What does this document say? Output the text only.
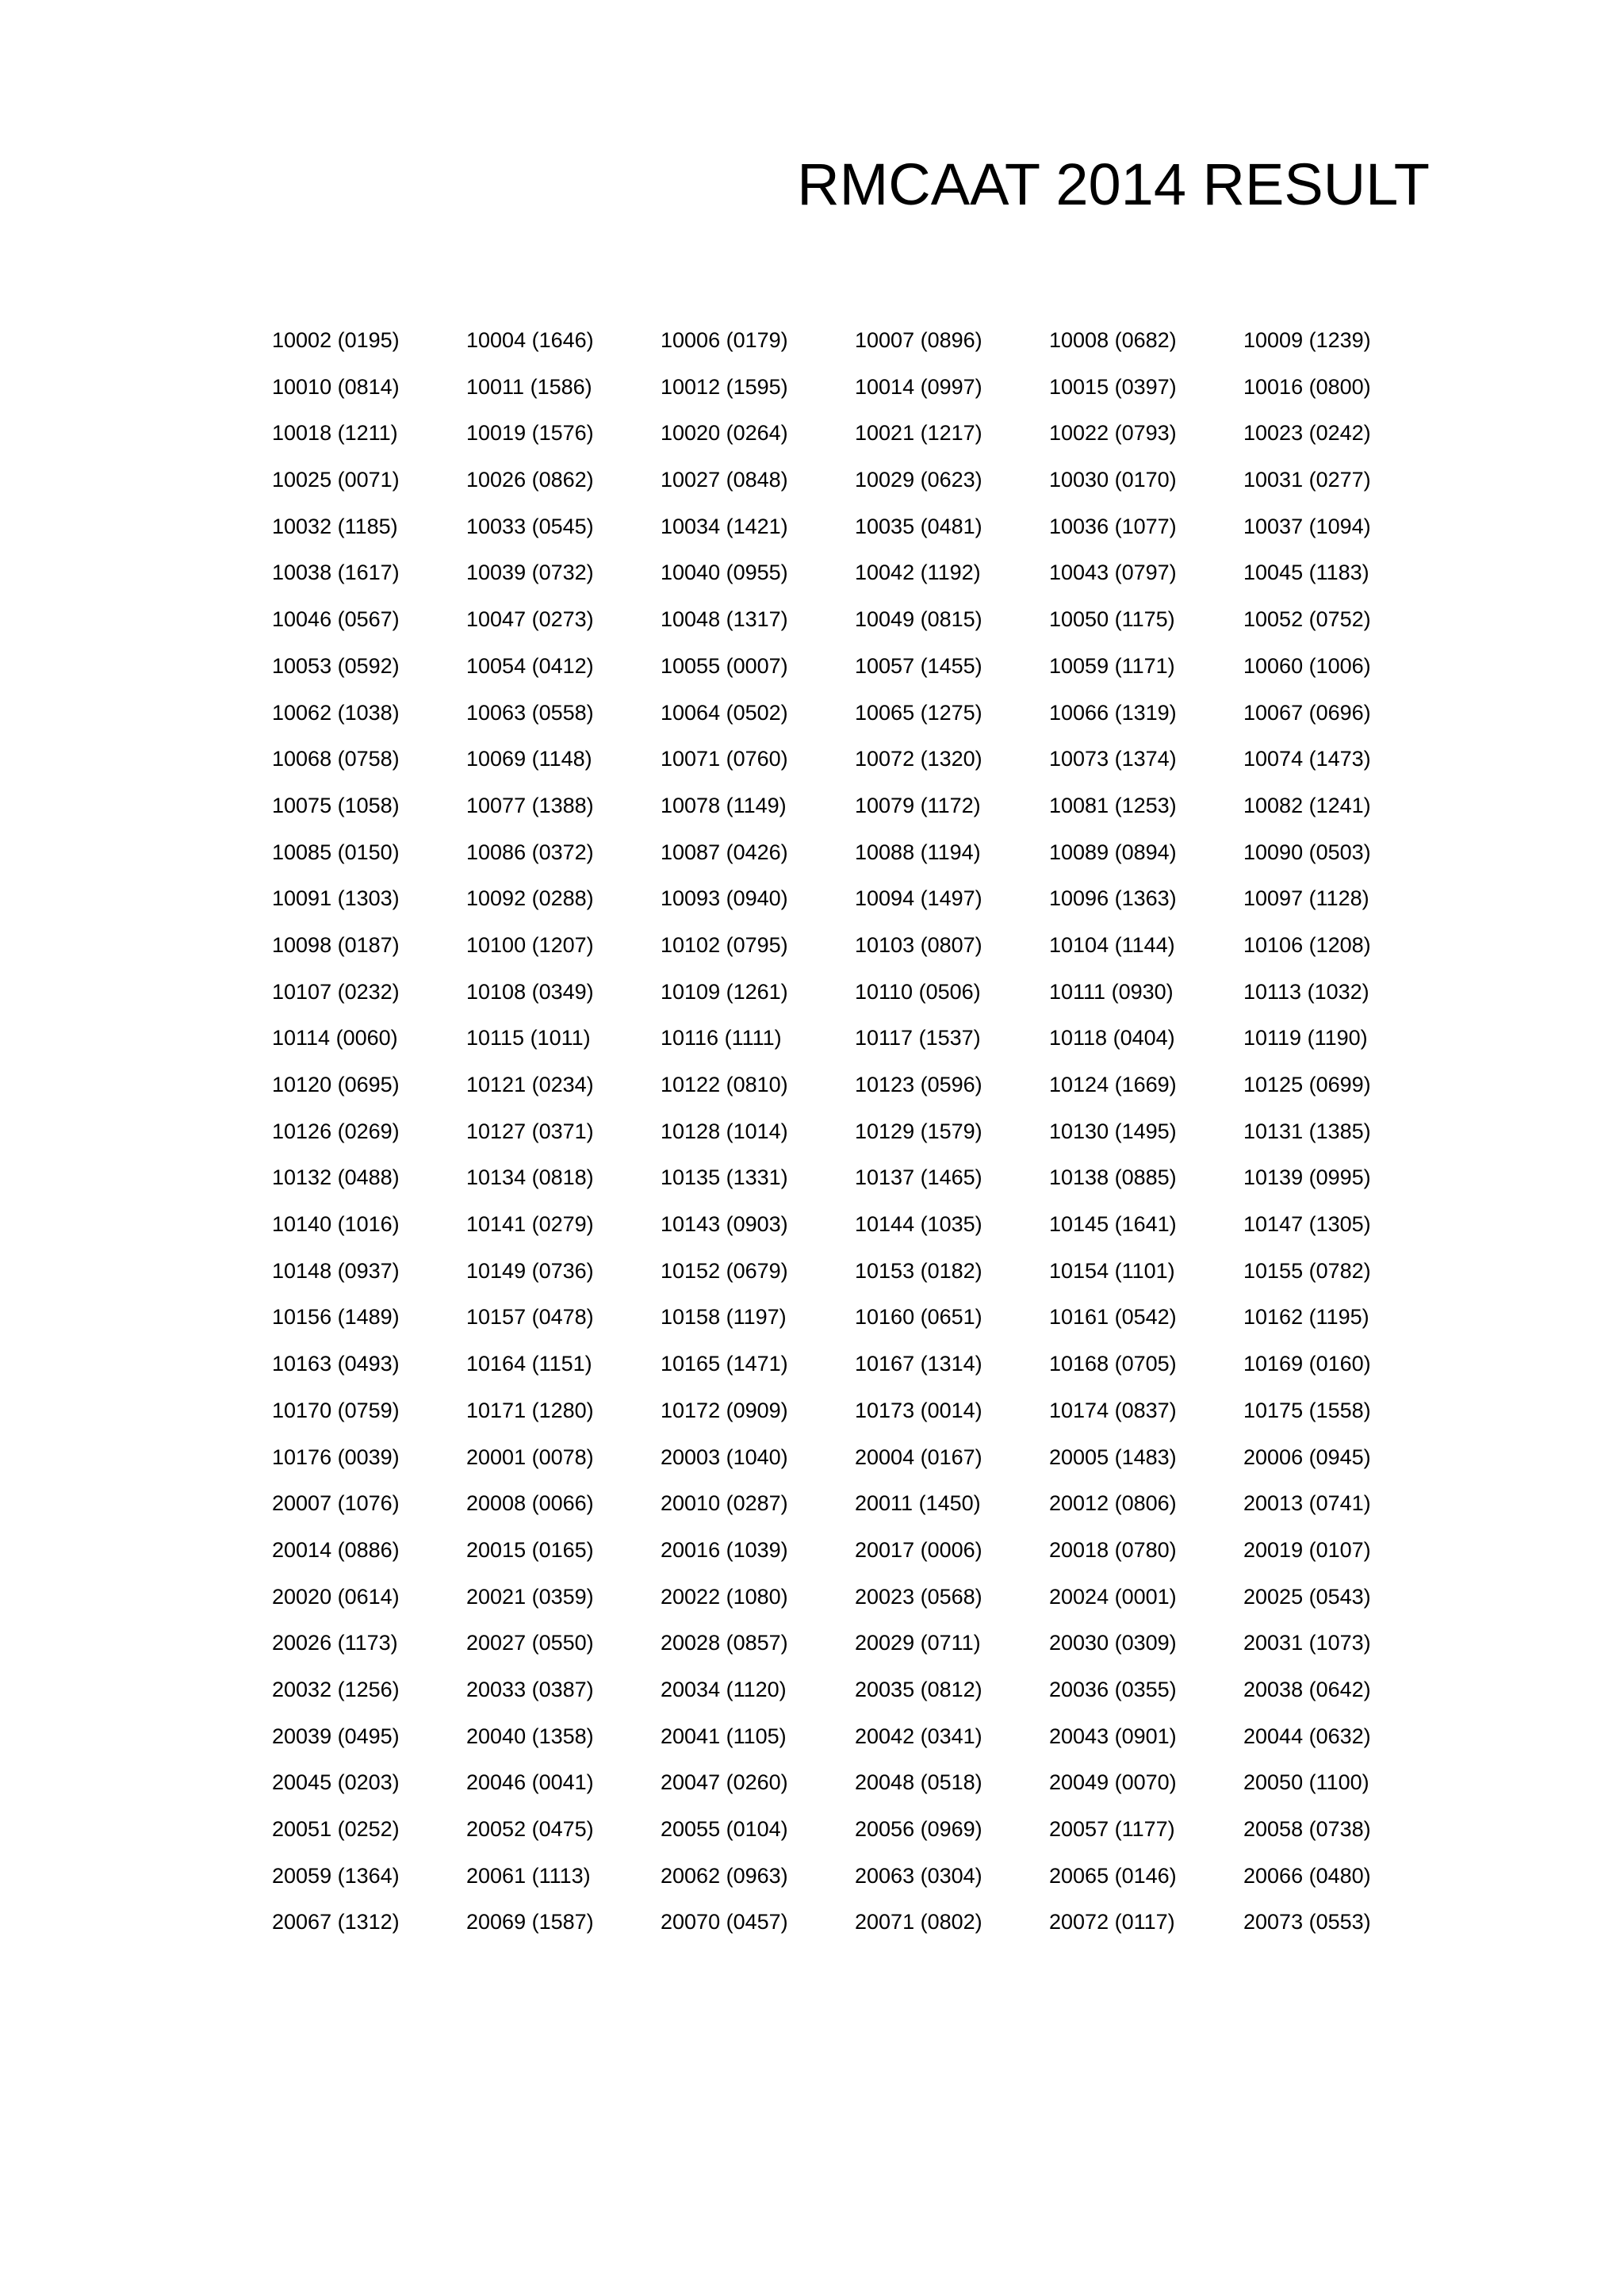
RMCAAT 2014 RESULT
10002 (0195)	10004 (1646)	10006 (0179)	10007 (0896)	10008 (0682)	10009 (1239)
10010 (0814)	10011 (1586)	10012 (1595)	10014 (0997)	10015 (0397)	10016 (0800)
10018 (1211)	10019 (1576)	10020 (0264)	10021 (1217)	10022 (0793)	10023 (0242)
10025 (0071)	10026 (0862)	10027 (0848)	10029 (0623)	10030 (0170)	10031 (0277)
10032 (1185)	10033 (0545)	10034 (1421)	10035 (0481)	10036 (1077)	10037 (1094)
10038 (1617)	10039 (0732)	10040 (0955)	10042 (1192)	10043 (0797)	10045 (1183)
10046 (0567)	10047 (0273)	10048 (1317)	10049 (0815)	10050 (1175)	10052 (0752)
10053 (0592)	10054 (0412)	10055 (0007)	10057 (1455)	10059 (1171)	10060 (1006)
10062 (1038)	10063 (0558)	10064 (0502)	10065 (1275)	10066 (1319)	10067 (0696)
10068 (0758)	10069 (1148)	10071 (0760)	10072 (1320)	10073 (1374)	10074 (1473)
10075 (1058)	10077 (1388)	10078 (1149)	10079 (1172)	10081 (1253)	10082 (1241)
10085 (0150)	10086 (0372)	10087 (0426)	10088 (1194)	10089 (0894)	10090 (0503)
10091 (1303)	10092 (0288)	10093 (0940)	10094 (1497)	10096 (1363)	10097 (1128)
10098 (0187)	10100 (1207)	10102 (0795)	10103 (0807)	10104 (1144)	10106 (1208)
10107 (0232)	10108 (0349)	10109 (1261)	10110 (0506)	10111 (0930)	10113 (1032)
10114 (0060)	10115 (1011)	10116 (1111)	10117 (1537)	10118 (0404)	10119 (1190)
10120 (0695)	10121 (0234)	10122 (0810)	10123 (0596)	10124 (1669)	10125 (0699)
10126 (0269)	10127 (0371)	10128 (1014)	10129 (1579)	10130 (1495)	10131 (1385)
10132 (0488)	10134 (0818)	10135 (1331)	10137 (1465)	10138 (0885)	10139 (0995)
10140 (1016)	10141 (0279)	10143 (0903)	10144 (1035)	10145 (1641)	10147 (1305)
10148 (0937)	10149 (0736)	10152 (0679)	10153 (0182)	10154 (1101)	10155 (0782)
10156 (1489)	10157 (0478)	10158 (1197)	10160 (0651)	10161 (0542)	10162 (1195)
10163 (0493)	10164 (1151)	10165 (1471)	10167 (1314)	10168 (0705)	10169 (0160)
10170 (0759)	10171 (1280)	10172 (0909)	10173 (0014)	10174 (0837)	10175 (1558)
10176 (0039)	20001 (0078)	20003 (1040)	20004 (0167)	20005 (1483)	20006 (0945)
20007 (1076)	20008 (0066)	20010 (0287)	20011 (1450)	20012 (0806)	20013 (0741)
20014 (0886)	20015 (0165)	20016 (1039)	20017 (0006)	20018 (0780)	20019 (0107)
20020 (0614)	20021 (0359)	20022 (1080)	20023 (0568)	20024 (0001)	20025 (0543)
20026 (1173)	20027 (0550)	20028 (0857)	20029 (0711)	20030 (0309)	20031 (1073)
20032 (1256)	20033 (0387)	20034 (1120)	20035 (0812)	20036 (0355)	20038 (0642)
20039 (0495)	20040 (1358)	20041 (1105)	20042 (0341)	20043 (0901)	20044 (0632)
20045 (0203)	20046 (0041)	20047 (0260)	20048 (0518)	20049 (0070)	20050 (1100)
20051 (0252)	20052 (0475)	20055 (0104)	20056 (0969)	20057 (1177)	20058 (0738)
20059 (1364)	20061 (1113)	20062 (0963)	20063 (0304)	20065 (0146)	20066 (0480)
20067 (1312)	20069 (1587)	20070 (0457)	20071 (0802)	20072 (0117)	20073 (0553)
